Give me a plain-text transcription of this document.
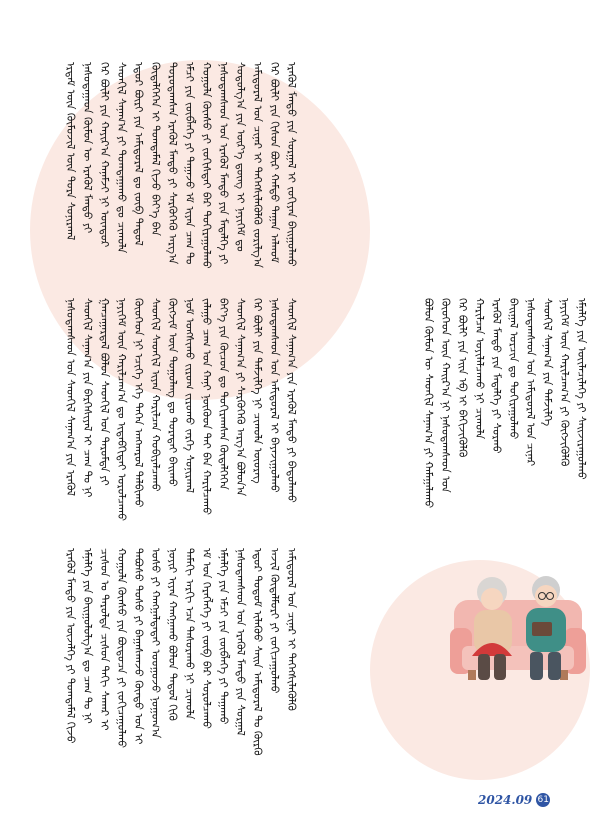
ᠡᠷᠳᠡᠮ ᠦᠨ ᠬᠦᠮᠦᠵᠢᠯ ᠦᠨ ᠳᠤᠷᠠ ᠰᠤᠨᠢᠷᠬᠠᠯ
ᠨᠠᠰᠤᠳᠠᠭᠠᠳ ᠬᠦᠮᠦᠨ ᠦ ᠡᠷᠡᠭᠦᠯ ᠮᠡᠨᠳᠦ ᠶᠢ
ᠭᠡᠷ ᠪᠦᠯᠢ ᠶᠢᠨ ᠬᠠᠶᠢᠷ᠎ᠠ ᠬᠠᠨᠠᠮᠵᠢ ᠨᠢ ᠥᠨᠳᠥᠷ
ᠰᠡᠳᠬᠢᠯ ᠰᠠᠨᠠᠭ᠎ᠠ ᠶᠢ ᠲᠣᠭᠲᠠᠭᠠᠬᠤ ᠳᠤ ᠴᠢᠬᠤᠯᠠ
ᠡᠳᠦᠷ ᠪᠦᠷᠢ ᠶᠢᠨ ᠠᠮᠢᠳᠤᠷᠠᠯ ᠳᠤ ᠵᠥᠪ ᠳᠠᠳᠤᠯ
ᠬᠥᠳᠡᠯᠭᠡᠭᠡᠨ ᠢ ᠲᠣᠭᠲᠠᠮᠠᠯ ᠬᠢᠵᠦ ᠪᠡᠶ᠎ᠡ ᠪᠡᠨ
ᠳᠣᠷᠤᠳᠠᠭᠰᠠᠨ ᠡᠷᠡᠭᠦᠯ ᠮᠡᠨᠳᠦ ᠶᠢ ᠰᠡᠷᠭᠦᠭᠡᠬᠦ ᠠᠷᠭ᠎ᠠ
ᠡᠮᠴᠢ ᠶᠢᠨ ᠵᠥᠪᠯᠡᠭᠡ ᠶᠢ ᠳᠠᠭᠠᠵᠤ ᠡᠮ ᠢᠶᠡᠨ ᠴᠠᠭ ᠲᠤ
ᠬᠣᠭᠣᠯᠠ ᠬᠦᠨᠰᠦ ᠶᠢ ᠵᠣᠬᠢᠰᠲᠠᠢ ᠪᠡᠷ ᠲᠣᠬᠢᠷᠠᠭᠤᠯᠬᠤ
ᠨᠠᠰᠤᠳᠠᠭᠰᠠᠳ ᠤᠨ ᠡᠷᠡᠭᠦᠯ ᠮᠡᠨᠳᠦ ᠶᠢᠨ ᠮᠡᠳᠡᠯᠭᠡ ᠶᠢ
ᠰᠤᠳᠤᠯᠭ᠎ᠠ ᠶᠢᠨ ᠦᠷ᠎ᠡ ᠳ᠋ᠦᠩ ᠢ ᠨᠡᠶᠢᠭᠡᠮ ᠳᠤ
ᠠᠮᠢᠳᠤᠷᠠᠯ ᠤᠨ ᠴᠢᠨᠠᠷ ᠢ ᠳᠡᠭᠡᠭᠰᠢᠯᠡᠭᠦᠯᠬᠦ ᠵᠣᠷᠢᠯᠭ᠎ᠠ
ᠭᠡᠷ ᠪᠦᠯᠢ ᠶᠢᠨ ᠭᠢᠰᠦᠨ ᠪᠦᠷ ᠬᠠᠮᠲᠤ ᠳᠠᠭᠠᠨ ᠠᠯᠬᠤᠮ ᠡᠷᠡᠭᠦᠯ ᠮᠡᠨᠳᠦ ᠶᠢᠨ ᠰᠤᠷᠭᠠᠯ ᠢ ᠵᠣᠬᠢᠶᠠᠨ ᠪᠠᠢᠭᠤᠯᠬᠤ
ᠨᠠᠰᠤᠳᠠᠭᠰᠠᠳ ᠤᠨ ᠰᠡᠳᠬᠢᠯ ᠰᠠᠨᠠᠭ᠎ᠠ ᠶᠢᠨ ᠡᠷᠡᠭᠦᠯ
ᠰᠡᠳᠬᠢᠯ ᠰᠠᠨᠠᠭ᠎ᠠ ᠶᠢᠨ ᠪᠡᠷᠬᠡᠰᠢᠶᠡᠯ ᠢ ᠴᠠᠭ ᠲᠤ ᠨᠢ
ᠭᠠᠨᠴᠠᠭᠠᠷᠳᠠᠯ ᠪᠣᠯᠤᠨ ᠰᠡᠳᠬᠢᠯ ᠤᠨ ᠳᠠᠷᠤᠮᠲᠠ ᠶᠢ ᠨᠡᠶᠢᠭᠡᠮ ᠦᠨ ᠬᠠᠷᠢᠯᠴᠠᠭ᠎ᠠ ᠳᠤ ᠢᠳᠡᠪᠬᠢᠲᠡᠢ ᠣᠷᠣᠯᠴᠠᠬᠤ ᠬᠦᠦᠬᠡᠳ ᠨᠢ ᠡᠴᠢᠭᠡ ᠡᠬᠡ ᠳᠡᠭᠡᠨ ᠠᠩᠬᠠᠷᠤᠯ ᠲᠠᠯᠪᠢᠬᠤ ᠰᠡᠳᠬᠢᠯ ᠰᠡᠳᠬᠢᠯ ᠢᠶᠡᠨ ᠬᠠᠷᠢᠯᠴᠠᠨ ᠬᠤᠪᠢᠶᠠᠯᠴᠠᠬᠤ ᠬᠥᠭᠵᠢᠮ ᠦᠨ ᠳᠣᠭᠤᠯᠠᠩ ᠳᠤ ᠳᠤᠷᠠᠲᠠᠢ ᠪᠠᠢᠬᠤ ᠨᠣᠮ ᠤᠩᠰᠢᠬᠤ ᠵᠢᠷᠤᠭ ᠵᠢᠷᠤᠬᠤ ᠵᠡᠷᠭᠡ ᠰᠣᠨᠢᠷᠬᠠᠯ ᠵᠠᠯᠠᠭᠤ ᠴᠠᠭ ᠤᠨ ᠬᠠᠨᠢ ᠨᠥᠬᠦᠳ ᠲᠡᠢ ᠪᠠᠨ ᠬᠠᠷᠢᠯᠴᠠᠬᠤ ᠪᠡᠶ᠎ᠡ ᠶᠢᠨ ᠬᠦᠴᠦᠨ ᠳᠤ ᠲᠣᠬᠢᠷᠠᠭᠰᠠᠨ ᠬᠥᠳᠡᠯᠭᠡᠭᠡᠨ ᠰᠡᠳᠬᠢᠯ ᠰᠠᠨᠠᠭ᠎ᠠ ᠶᠢ ᠰᠡᠷᠭᠦᠭᠡᠬᠦ ᠠᠷᠭ᠎ᠠ ᠪᠣᠯᠤᠨ᠎ᠠ ᠭᠡᠷ ᠪᠦᠯᠢ ᠶᠢᠨ ᠳᠡᠮᠵᠢᠯᠭᠡ ᠨᠢ ᠴᠢᠬᠤᠯᠠ ᠦᠦᠷᠡᠭ ᠨᠠᠰᠤᠳᠠᠭᠰᠠᠳ ᠤᠨ ᠠᠮᠢᠳᠤᠷᠠᠯ ᠢ ᠪᠠᠶᠠᠵᠢᠭᠤᠯᠬᠤ ᠰᠡᠳᠬᠢᠯ ᠰᠠᠨᠠᠭ᠎ᠠ ᠶᠢᠨ ᠡᠷᠡᠭᠦᠯ ᠮᠡᠨᠳᠦ ᠶᠢ ᠪᠠᠲᠤᠯᠠᠬᠤ
ᠡᠷᠡᠭᠦᠯ ᠮᠡᠨᠳᠦ ᠶᠢᠨ ᠦᠵᠡᠯᠭᠡ ᠶᠢ ᠲᠣᠭᠲᠠᠮᠠᠯ ᠬᠢᠵᠦ ᠡᠮᠨᠡᠯᠭᠡ ᠶᠢᠨ ᠪᠠᠢᠭᠤᠯᠤᠯᠭ᠎ᠠ ᠳᠤ ᠴᠠᠭ ᠲᠤ ᠨᠢ
ᠴᠢᠰᠤᠨ ᠤ ᠳᠠᠷᠤᠯᠲᠠ ᠴᠢᠰᠤᠨ ᠳᠡᠬᠢ ᠰᠠᠬᠠᠷ ᠢ ᠬᠣᠭᠣᠯᠠ ᠬᠦᠨᠰᠦ ᠶᠢᠨ ᠪᠦᠲᠦᠴᠡ ᠶᠢ ᠵᠣᠬᠢᠴᠠᠭᠤᠯᠬᠤ ᠳᠠᠪᠤᠰᠤ ᠲᠣᠰᠤ ᠶᠢ ᠪᠠᠭᠠᠰᠬᠠᠵᠤ ᠬᠦᠨᠳᠦ ᠡᠳ ᠢ
ᠤᠰᠤ ᠶᠢ ᠬᠠᠩᠭᠠᠯᠲᠠᠲᠠᠢ ᠤᠤᠭᠤᠵᠤ ᠨᠣᠭᠣᠭ᠎ᠠ ᠨᠣᠶᠢᠷ ᠢᠶᠠᠨ ᠬᠠᠩᠭᠠᠬᠤ ᠪᠣᠯᠤᠨ ᠳᠠᠳᠤᠯ ᠬᠢᠬᠦ ᠲᠠᠮᠠᠬᠢ ᠠᠷᠬᠢ ᠡᠴᠡ ᠲᠠᠰᠤᠷᠠᠬᠤ ᠨᠢ ᠴᠢᠬᠤᠯᠠ ᠡᠮ ᠤᠨ ᠬᠡᠷᠡᠭᠯᠡᠭᠡ ᠶᠢ ᠵᠥᠪ ᠪᠡᠷ ᠰᠤᠷᠤᠯᠴᠠᠬᠤ ᠡᠮᠨᠡᠯᠭᠡ ᠶᠢᠨ ᠡᠮᠴᠢ ᠶᠢᠨ ᠵᠥᠪᠯᠡᠭᠡ ᠶᠢ ᠳᠠᠭᠠᠬᠤ ᠨᠠᠰᠤᠳᠠᠭᠰᠠᠳ ᠤᠨ ᠡᠷᠡᠭᠦᠯ ᠮᠡᠨᠳᠦ ᠶᠢᠨ ᠰᠤᠷᠭᠠᠯ ᠡᠳᠦᠷ ᠲᠤᠲᠤᠮ ᠢᠯᠡᠭᠦᠦ ᠰᠠᠢᠨ ᠠᠮᠢᠳᠤᠷᠠᠯ ᠲᠤ ᠬᠦᠷᠬᠦ ᠠᠵᠢᠯ ᠬᠥᠳᠡᠯᠮᠦᠷᠢ ᠶᠢ ᠵᠣᠬᠢᠴᠠᠭᠤᠯᠬᠤ ᠠᠮᠢᠳᠤᠷᠠᠯ ᠤᠨ ᠴᠢᠨᠠᠷ ᠢ ᠳᠡᠭᠡᠭᠰᠢᠯᠡᠭᠦᠯᠬᠦ
ᠪᠣᠯᠤᠨ ᠬᠦᠮᠦᠨ ᠦ ᠰᠡᠳᠬᠢᠯ ᠰᠠᠨᠠᠭ᠎ᠠ ᠶᠢ ᠬᠠᠮᠠᠭᠠᠯᠠᠬᠤ ᠬᠦᠦᠬᠡᠳ ᠦᠨ ᠬᠠᠢᠷ᠎ᠠ ᠨᠢ ᠨᠠᠰᠤᠳᠠᠭᠰᠠᠳ ᠤᠨ
ᠭᠡᠷ ᠪᠦᠯᠢ ᠶᠢᠨ ᠡᠢᠨ ᠡᠪ ᠢ ᠪᠡᠬᠢᠵᠢᠭᠦᠯᠬᠦ ᠬᠠᠷᠢᠯᠴᠠᠨ ᠣᠶᠢᠯᠠᠯᠴᠠᠬᠤ ᠨᠢ ᠴᠢᠬᠤᠯᠠ ᠡᠷᠡᠭᠦᠯ ᠮᠡᠨᠳᠦ ᠶᠢᠨ ᠮᠡᠳᠡᠯᠭᠡ ᠶᠢ ᠰᠤᠷᠬᠤ ᠪᠠᠢᠭᠠᠯ ᠣᠷᠴᠢᠨ ᠳᠤ ᠲᠣᠬᠢᠷᠠᠭᠤᠯᠬᠤ ᠨᠠᠰᠤᠳᠠᠭᠰᠠᠳ ᠤᠨ ᠠᠮᠢᠳᠤᠷᠠᠯ ᠤᠨ ᠴᠢᠨᠠᠷ ᠰᠡᠳᠬᠢᠯ ᠰᠠᠨᠠᠭ᠎ᠠ ᠶᠢᠨ ᠳᠡᠮᠵᠢᠯᠭᠡ ᠨᠡᠶᠢᠭᠡᠮ ᠦᠨ ᠬᠠᠷᠢᠯᠴᠠᠭ᠎ᠠ ᠶᠢ ᠬᠥᠭᠵᠢᠭᠦᠯᠬᠦ ᠡᠮᠨᠡᠯᠭᠡ ᠶᠢᠨ ᠦᠢᠯᠡᠴᠢᠯᠡᠭᠡ ᠶᠢ ᠰᠠᠢᠵᠢᠷᠠᠭᠤᠯᠬᠤ
2024.09 61
